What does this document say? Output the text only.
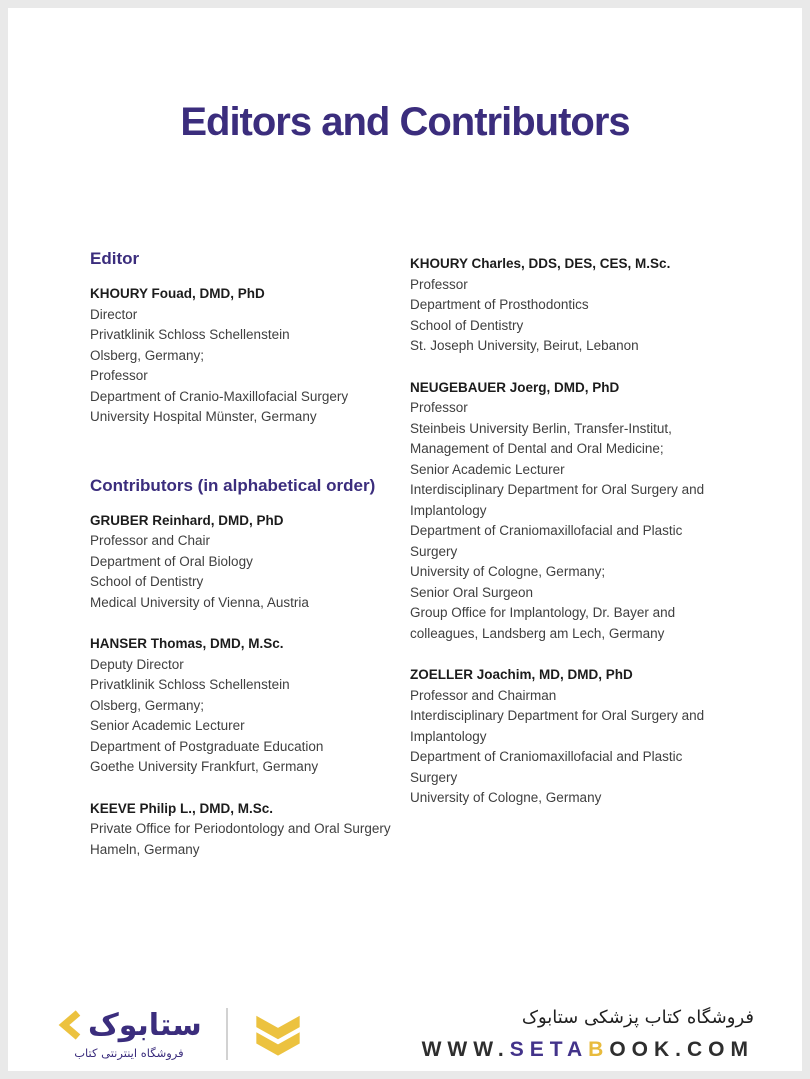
Editors and Contributors
Editor
KHOURY Fouad, DMD, PhD
Director
Privatklinik Schloss Schellenstein
Olsberg, Germany;
Professor
Department of Cranio-Maxillofacial Surgery
University Hospital Münster, Germany
Contributors (in alphabetical order)
GRUBER Reinhard, DMD, PhD
Professor and Chair
Department of Oral Biology
School of Dentistry
Medical University of Vienna, Austria
HANSER Thomas, DMD, M.Sc.
Deputy Director
Privatklinik Schloss Schellenstein
Olsberg, Germany;
Senior Academic Lecturer
Department of Postgraduate Education
Goethe University Frankfurt, Germany
KEEVE Philip L., DMD, M.Sc.
Private Office for Periodontology and Oral Surgery
Hameln, Germany
KHOURY Charles, DDS, DES, CES, M.Sc.
Professor
Department of Prosthodontics
School of Dentistry
St. Joseph University, Beirut, Lebanon
NEUGEBAUER Joerg, DMD, PhD
Professor
Steinbeis University Berlin, Transfer-Institut, Management of Dental and Oral Medicine;
Senior Academic Lecturer
Interdisciplinary Department for Oral Surgery and Implantology
Department of Craniomaxillofacial and Plastic Surgery
University of Cologne, Germany;
Senior Oral Surgeon
Group Office for Implantology, Dr. Bayer and colleagues, Landsberg am Lech, Germany
ZOELLER Joachim, MD, DMD, PhD
Professor and Chairman
Interdisciplinary Department for Oral Surgery and Implantology
Department of Craniomaxillofacial and Plastic Surgery
University of Cologne, Germany
ستابوک
فروشگاه اینترنتی کتاب
فروشگاه کتاب پزشکی ستابوک
WWW.SETABOOK.COM
